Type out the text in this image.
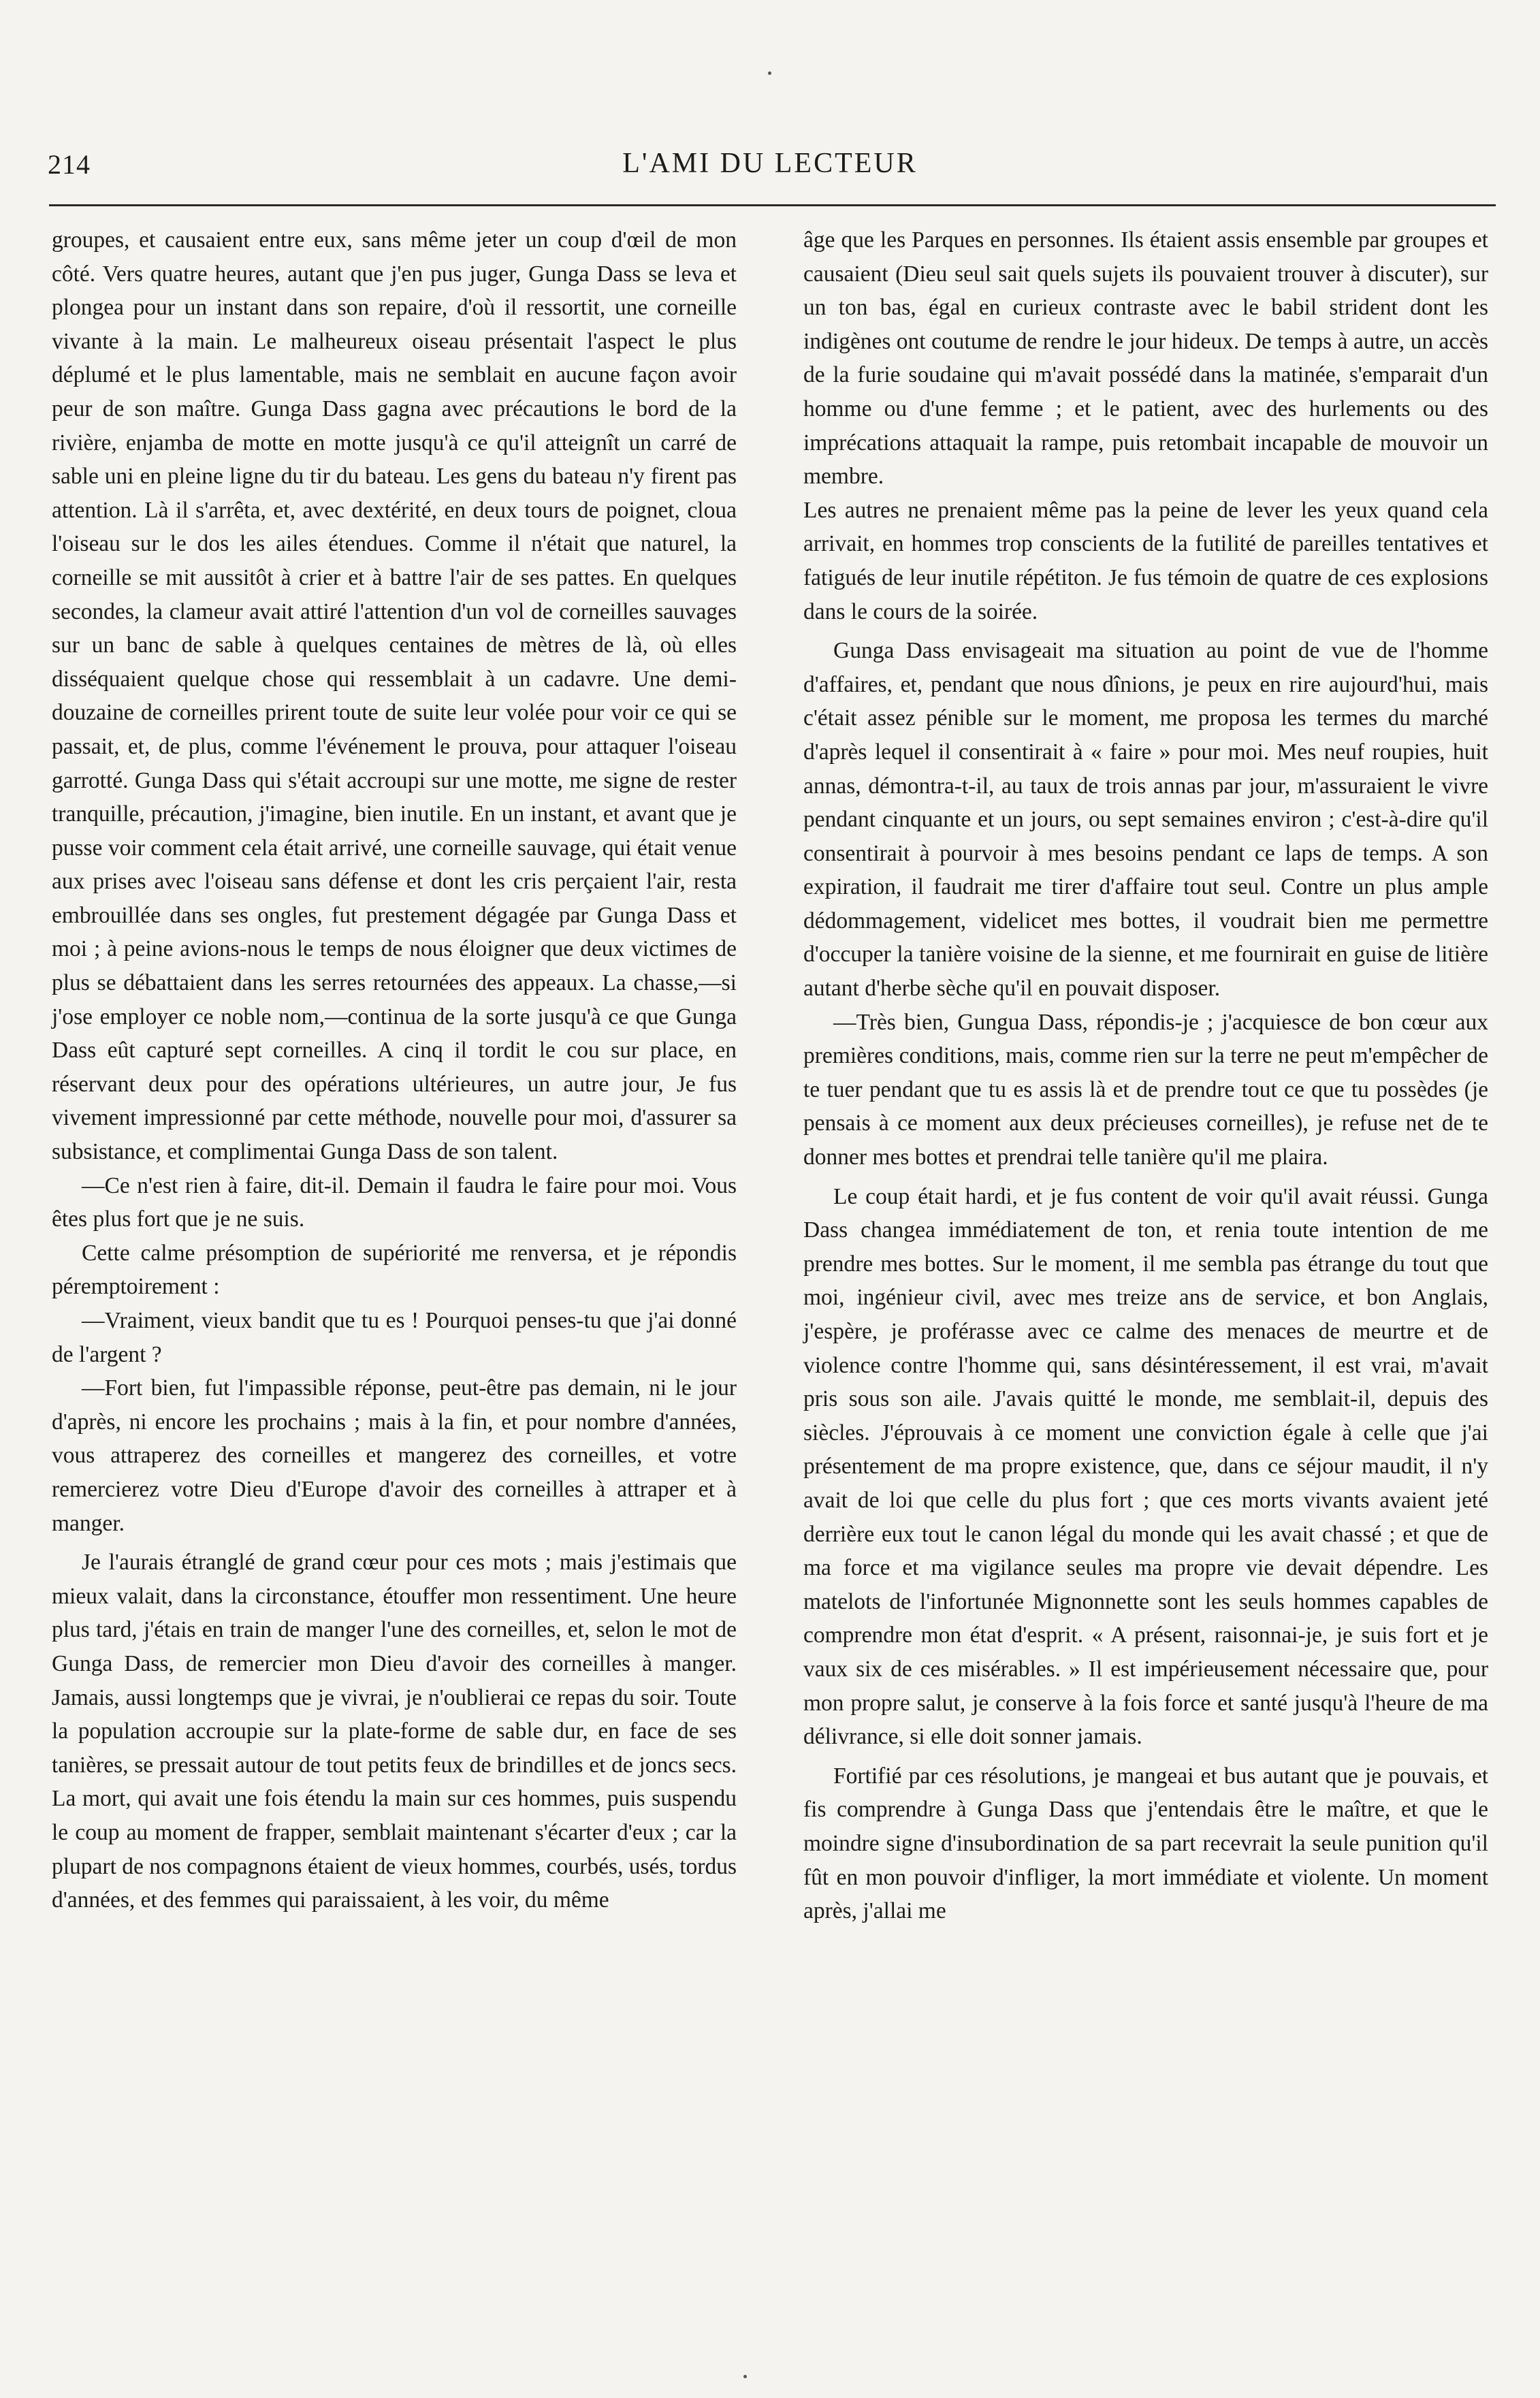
214	L'AMI DU LECTEUR

groupes, et causaient entre eux, sans même jeter un coup d'œil de mon côté. Vers quatre heures, autant que j'en pus juger, Gunga Dass se leva et plongea pour un instant dans son repaire, d'où il ressortit, une corneille vivante à la main. Le malheureux oiseau présentait l'aspect le plus déplumé et le plus lamentable, mais ne semblait en aucune façon avoir peur de son maître. Gunga Dass gagna avec précautions le bord de la rivière, enjamba de motte en motte jusqu'à ce qu'il atteignît un carré de sable uni en pleine ligne du tir du bateau. Les gens du bateau n'y firent pas attention. Là il s'arrêta, et, avec dextérité, en deux tours de poignet, cloua l'oiseau sur le dos les ailes étendues. Comme il n'était que naturel, la corneille se mit aussitôt à crier et à battre l'air de ses pattes. En quelques secondes, la clameur avait attiré l'attention d'un vol de corneilles sauvages sur un banc de sable à quelques centaines de mètres de là, où elles disséquaient quelque chose qui ressemblait à un cadavre. Une demi-douzaine de corneilles prirent toute de suite leur volée pour voir ce qui se passait, et, de plus, comme l'événement le prouva, pour attaquer l'oiseau garrotté. Gunga Dass qui s'était accroupi sur une motte, me signe de rester tranquille, précaution, j'imagine, bien inutile. En un instant, et avant que je pusse voir comment cela était arrivé, une corneille sauvage, qui était venue aux prises avec l'oiseau sans défense et dont les cris perçaient l'air, resta embrouillée dans ses ongles, fut prestement dégagée par Gunga Dass et moi ; à peine avions-nous le temps de nous éloigner que deux victimes de plus se débattaient dans les serres retournées des appeaux. La chasse,—si j'ose employer ce noble nom,—continua de la sorte jusqu'à ce que Gunga Dass eût capturé sept corneilles. A cinq il tordit le cou sur place, en réservant deux pour des opérations ultérieures, un autre jour, Je fus vivement impressionné par cette méthode, nouvelle pour moi, d'assurer sa subsistance, et complimentai Gunga Dass de son talent.

—Ce n'est rien à faire, dit-il. Demain il faudra le faire pour moi. Vous êtes plus fort que je ne suis.

Cette calme présomption de supériorité me renversa, et je répondis péremptoirement :

—Vraiment, vieux bandit que tu es ! Pourquoi penses-tu que j'ai donné de l'argent ?

—Fort bien, fut l'impassible réponse, peut-être pas demain, ni le jour d'après, ni encore les prochains ; mais à la fin, et pour nombre d'années, vous attraperez des corneilles et mangerez des corneilles, et votre remercierez votre Dieu d'Europe d'avoir des corneilles à attraper et à manger.

Je l'aurais étranglé de grand cœur pour ces mots ; mais j'estimais que mieux valait, dans la circonstance, étouffer mon ressentiment. Une heure plus tard, j'étais en train de manger l'une des corneilles, et, selon le mot de Gunga Dass, de remercier mon Dieu d'avoir des corneilles à manger. Jamais, aussi longtemps que je vivrai, je n'oublierai ce repas du soir. Toute la population accroupie sur la plate-forme de sable dur, en face de ses tanières, se pressait autour de tout petits feux de brindilles et de joncs secs. La mort, qui avait une fois étendu la main sur ces hommes, puis suspendu le coup au moment de frapper, semblait maintenant s'écarter d'eux ; car la plupart de nos compagnons étaient de vieux hommes, courbés, usés, tordus d'années, et des femmes qui paraissaient, à les voir, du même

âge que les Parques en personnes. Ils étaient assis ensemble par groupes et causaient (Dieu seul sait quels sujets ils pouvaient trouver à discuter), sur un ton bas, égal en curieux contraste avec le babil strident dont les indigènes ont coutume de rendre le jour hideux. De temps à autre, un accès de la furie soudaine qui m'avait possédé dans la matinée, s'emparait d'un homme ou d'une femme ; et le patient, avec des hurlements ou des imprécations attaquait la rampe, puis retombait incapable de mouvoir un membre.

Les autres ne prenaient même pas la peine de lever les yeux quand cela arrivait, en hommes trop conscients de la futilité de pareilles tentatives et fatigués de leur inutile répétiton. Je fus témoin de quatre de ces explosions dans le cours de la soirée.

Gunga Dass envisageait ma situation au point de vue de l'homme d'affaires, et, pendant que nous dînions, je peux en rire aujourd'hui, mais c'était assez pénible sur le moment, me proposa les termes du marché d'après lequel il consentirait à « faire » pour moi. Mes neuf roupies, huit annas, démontra-t-il, au taux de trois annas par jour, m'assuraient le vivre pendant cinquante et un jours, ou sept semaines environ ; c'est-à-dire qu'il consentirait à pourvoir à mes besoins pendant ce laps de temps. A son expiration, il faudrait me tirer d'affaire tout seul. Contre un plus ample dédommagement, videlicet mes bottes, il voudrait bien me permettre d'occuper la tanière voisine de la sienne, et me fournirait en guise de litière autant d'herbe sèche qu'il en pouvait disposer.

—Très bien, Gungua Dass, répondis-je ; j'acquiesce de bon cœur aux premières conditions, mais, comme rien sur la terre ne peut m'empêcher de te tuer pendant que tu es assis là et de prendre tout ce que tu possèdes (je pensais à ce moment aux deux précieuses corneilles), je refuse net de te donner mes bottes et prendrai telle tanière qu'il me plaira.

Le coup était hardi, et je fus content de voir qu'il avait réussi. Gunga Dass changea immédiatement de ton, et renia toute intention de me prendre mes bottes. Sur le moment, il me sembla pas étrange du tout que moi, ingénieur civil, avec mes treize ans de service, et bon Anglais, j'espère, je proférasse avec ce calme des menaces de meurtre et de violence contre l'homme qui, sans désintéressement, il est vrai, m'avait pris sous son aile. J'avais quitté le monde, me semblait-il, depuis des siècles. J'éprouvais à ce moment une conviction égale à celle que j'ai présentement de ma propre existence, que, dans ce séjour maudit, il n'y avait de loi que celle du plus fort ; que ces morts vivants avaient jeté derrière eux tout le canon légal du monde qui les avait chassé ; et que de ma force et ma vigilance seules ma propre vie devait dépendre. Les matelots de l'infortunée Mignonnette sont les seuls hommes capables de comprendre mon état d'esprit. « A présent, raisonnai-je, je suis fort et je vaux six de ces misérables. » Il est impérieusement nécessaire que, pour mon propre salut, je conserve à la fois force et santé jusqu'à l'heure de ma délivrance, si elle doit sonner jamais.

Fortifié par ces résolutions, je mangeai et bus autant que je pouvais, et fis comprendre à Gunga Dass que j'entendais être le maître, et que le moindre signe d'insubordination de sa part recevrait la seule punition qu'il fût en mon pouvoir d'infliger, la mort immédiate et violente. Un moment après, j'allai me
